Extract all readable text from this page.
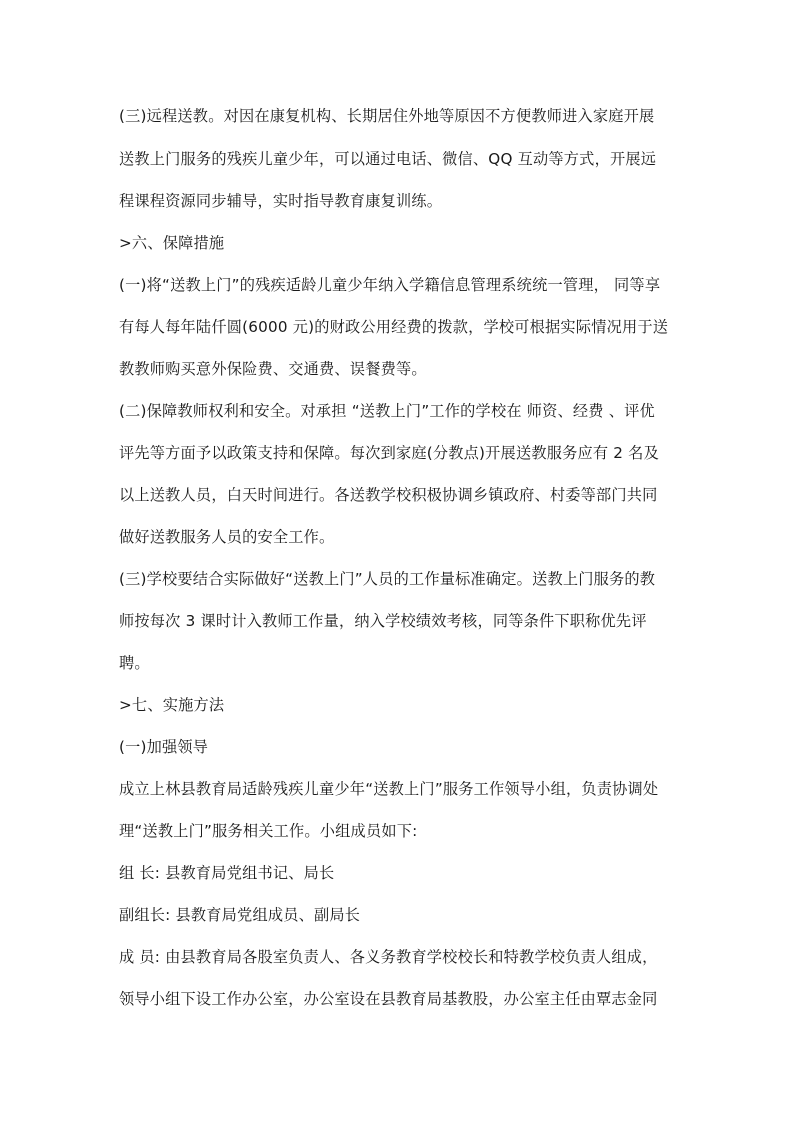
(三)远程送教。对因在康复机构、长期居住外地等原因不方便教师进入家庭开展
送教上门服务的残疾儿童少年，可以通过电话、微信、QQ 互动等方式，开展远
程课程资源同步辅导，实时指导教育康复训练。
>六、保障措施
(一)将“送教上门”的残疾适龄儿童少年纳入学籍信息管理系统统一管理， 同等享
有每人每年陆仟圆(6000 元)的财政公用经费的拨款，学校可根据实际情况用于送
教教师购买意外保险费、交通费、误餐费等。
(二)保障教师权利和安全。对承担 “送教上门”工作的学校在 师资、经费 、评优
评先等方面予以政策支持和保障。每次到家庭(分教点)开展送教服务应有 2 名及
以上送教人员，白天时间进行。各送教学校积极协调乡镇政府、村委等部门共同
做好送教服务人员的安全工作。
(三)学校要结合实际做好“送教上门”人员的工作量标准确定。送教上门服务的教
师按每次 3 课时计入教师工作量，纳入学校绩效考核，同等条件下职称优先评
聘。
>七、实施方法
(一)加强领导
成立上林县教育局适龄残疾儿童少年“送教上门”服务工作领导小组，负责协调处
理“送教上门”服务相关工作。小组成员如下:
组 长: 县教育局党组书记、局长
副组长: 县教育局党组成员、副局长
成 员: 由县教育局各股室负责人、各义务教育学校校长和特教学校负责人组成，
领导小组下设工作办公室，办公室设在县教育局基教股，办公室主任由覃志金同
